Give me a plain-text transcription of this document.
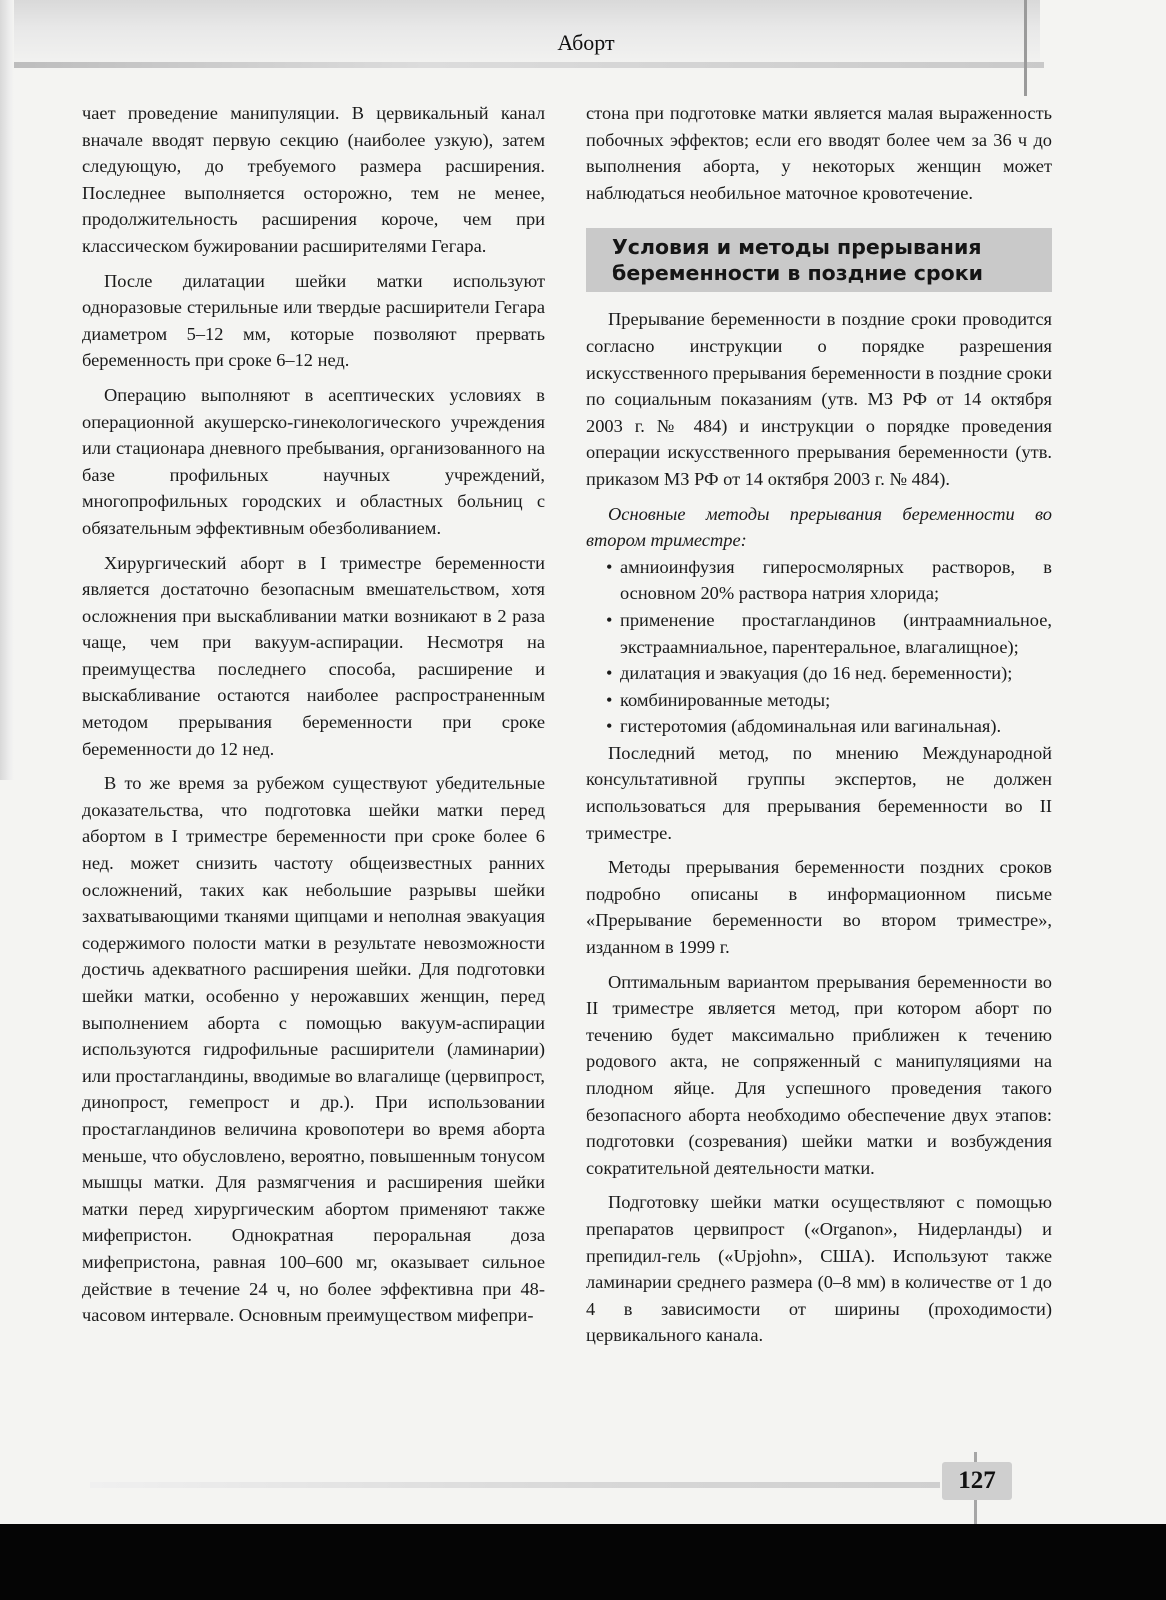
Аборт

чает проведение манипуляции. В цервикальный канал вначале вводят первую секцию (наиболее узкую), затем следующую, до требуемого размера расширения. Последнее выполняется осторожно, тем не менее, продолжительность расширения короче, чем при классическом бужировании расширителями Гегара.

После дилатации шейки матки используют одноразовые стерильные или твердые расширители Гегара диаметром 5–12 мм, которые позволяют прервать беременность при сроке 6–12 нед.

Операцию выполняют в асептических условиях в операционной акушерско-гинекологического учреждения или стационара дневного пребывания, организованного на базе профильных научных учреждений, многопрофильных городских и областных больниц с обязательным эффективным обезболиванием.

Хирургический аборт в I триместре беременности является достаточно безопасным вмешательством, хотя осложнения при выскабливании матки возникают в 2 раза чаще, чем при вакуум-аспирации. Несмотря на преимущества последнего способа, расширение и выскабливание остаются наиболее распространенным методом прерывания беременности при сроке беременности до 12 нед.

В то же время за рубежом существуют убедительные доказательства, что подготовка шейки матки перед абортом в I триместре беременности при сроке более 6 нед. может снизить частоту общеизвестных ранних осложнений, таких как небольшие разрывы шейки захватывающими тканями щипцами и неполная эвакуация содержимого полости матки в результате невозможности достичь адекватного расширения шейки. Для подготовки шейки матки, особенно у нерожавших женщин, перед выполнением аборта с помощью вакуум-аспирации используются гидрофильные расширители (ламинарии) или простагландины, вводимые во влагалище (цервипрост, динопрост, гемепрост и др.). При использовании простагландинов величина кровопотери во время аборта меньше, что обусловлено, вероятно, повышенным тонусом мышцы матки. Для размягчения и расширения шейки матки перед хирургическим абортом применяют также мифепристон. Однократная пероральная доза мифепристона, равная 100–600 мг, оказывает сильное действие в течение 24 ч, но более эффективна при 48-часовом интервале. Основным преимуществом мифепри-

стона при подготовке матки является малая выраженность побочных эффектов; если его вводят более чем за 36 ч до выполнения аборта, у некоторых женщин может наблюдаться необильное маточное кровотечение.

Условия и методы прерывания беременности в поздние сроки

Прерывание беременности в поздние сроки проводится согласно инструкции о порядке разрешения искусственного прерывания беременности в поздние сроки по социальным показаниям (утв. МЗ РФ от 14 октября 2003 г. № 484) и инструкции о порядке проведения операции искусственного прерывания беременности (утв. приказом МЗ РФ от 14 октября 2003 г. № 484).

Основные методы прерывания беременности во втором триместре:

• амниоинфузия гиперосмолярных растворов, в основном 20% раствора натрия хлорида;
• применение простагландинов (интраамниальное, экстраамниальное, парентеральное, влагалищное);
• дилатация и эвакуация (до 16 нед. беременности);
• комбинированные методы;
• гистеротомия (абдоминальная или вагинальная).

Последний метод, по мнению Международной консультативной группы экспертов, не должен использоваться для прерывания беременности во II триместре.

Методы прерывания беременности поздних сроков подробно описаны в информационном письме «Прерывание беременности во втором триместре», изданном в 1999 г.

Оптимальным вариантом прерывания беременности во II триместре является метод, при котором аборт по течению будет максимально приближен к течению родового акта, не сопряженный с манипуляциями на плодном яйце. Для успешного проведения такого безопасного аборта необходимо обеспечение двух этапов: подготовки (созревания) шейки матки и возбуждения сократительной деятельности матки.

Подготовку шейки матки осуществляют с помощью препаратов цервипрост («Organon», Нидерланды) и препидил-гель («Upjohn», США). Используют также ламинарии среднего размера (0–8 мм) в количестве от 1 до 4 в зависимости от ширины (проходимости) цервикального канала.

127
